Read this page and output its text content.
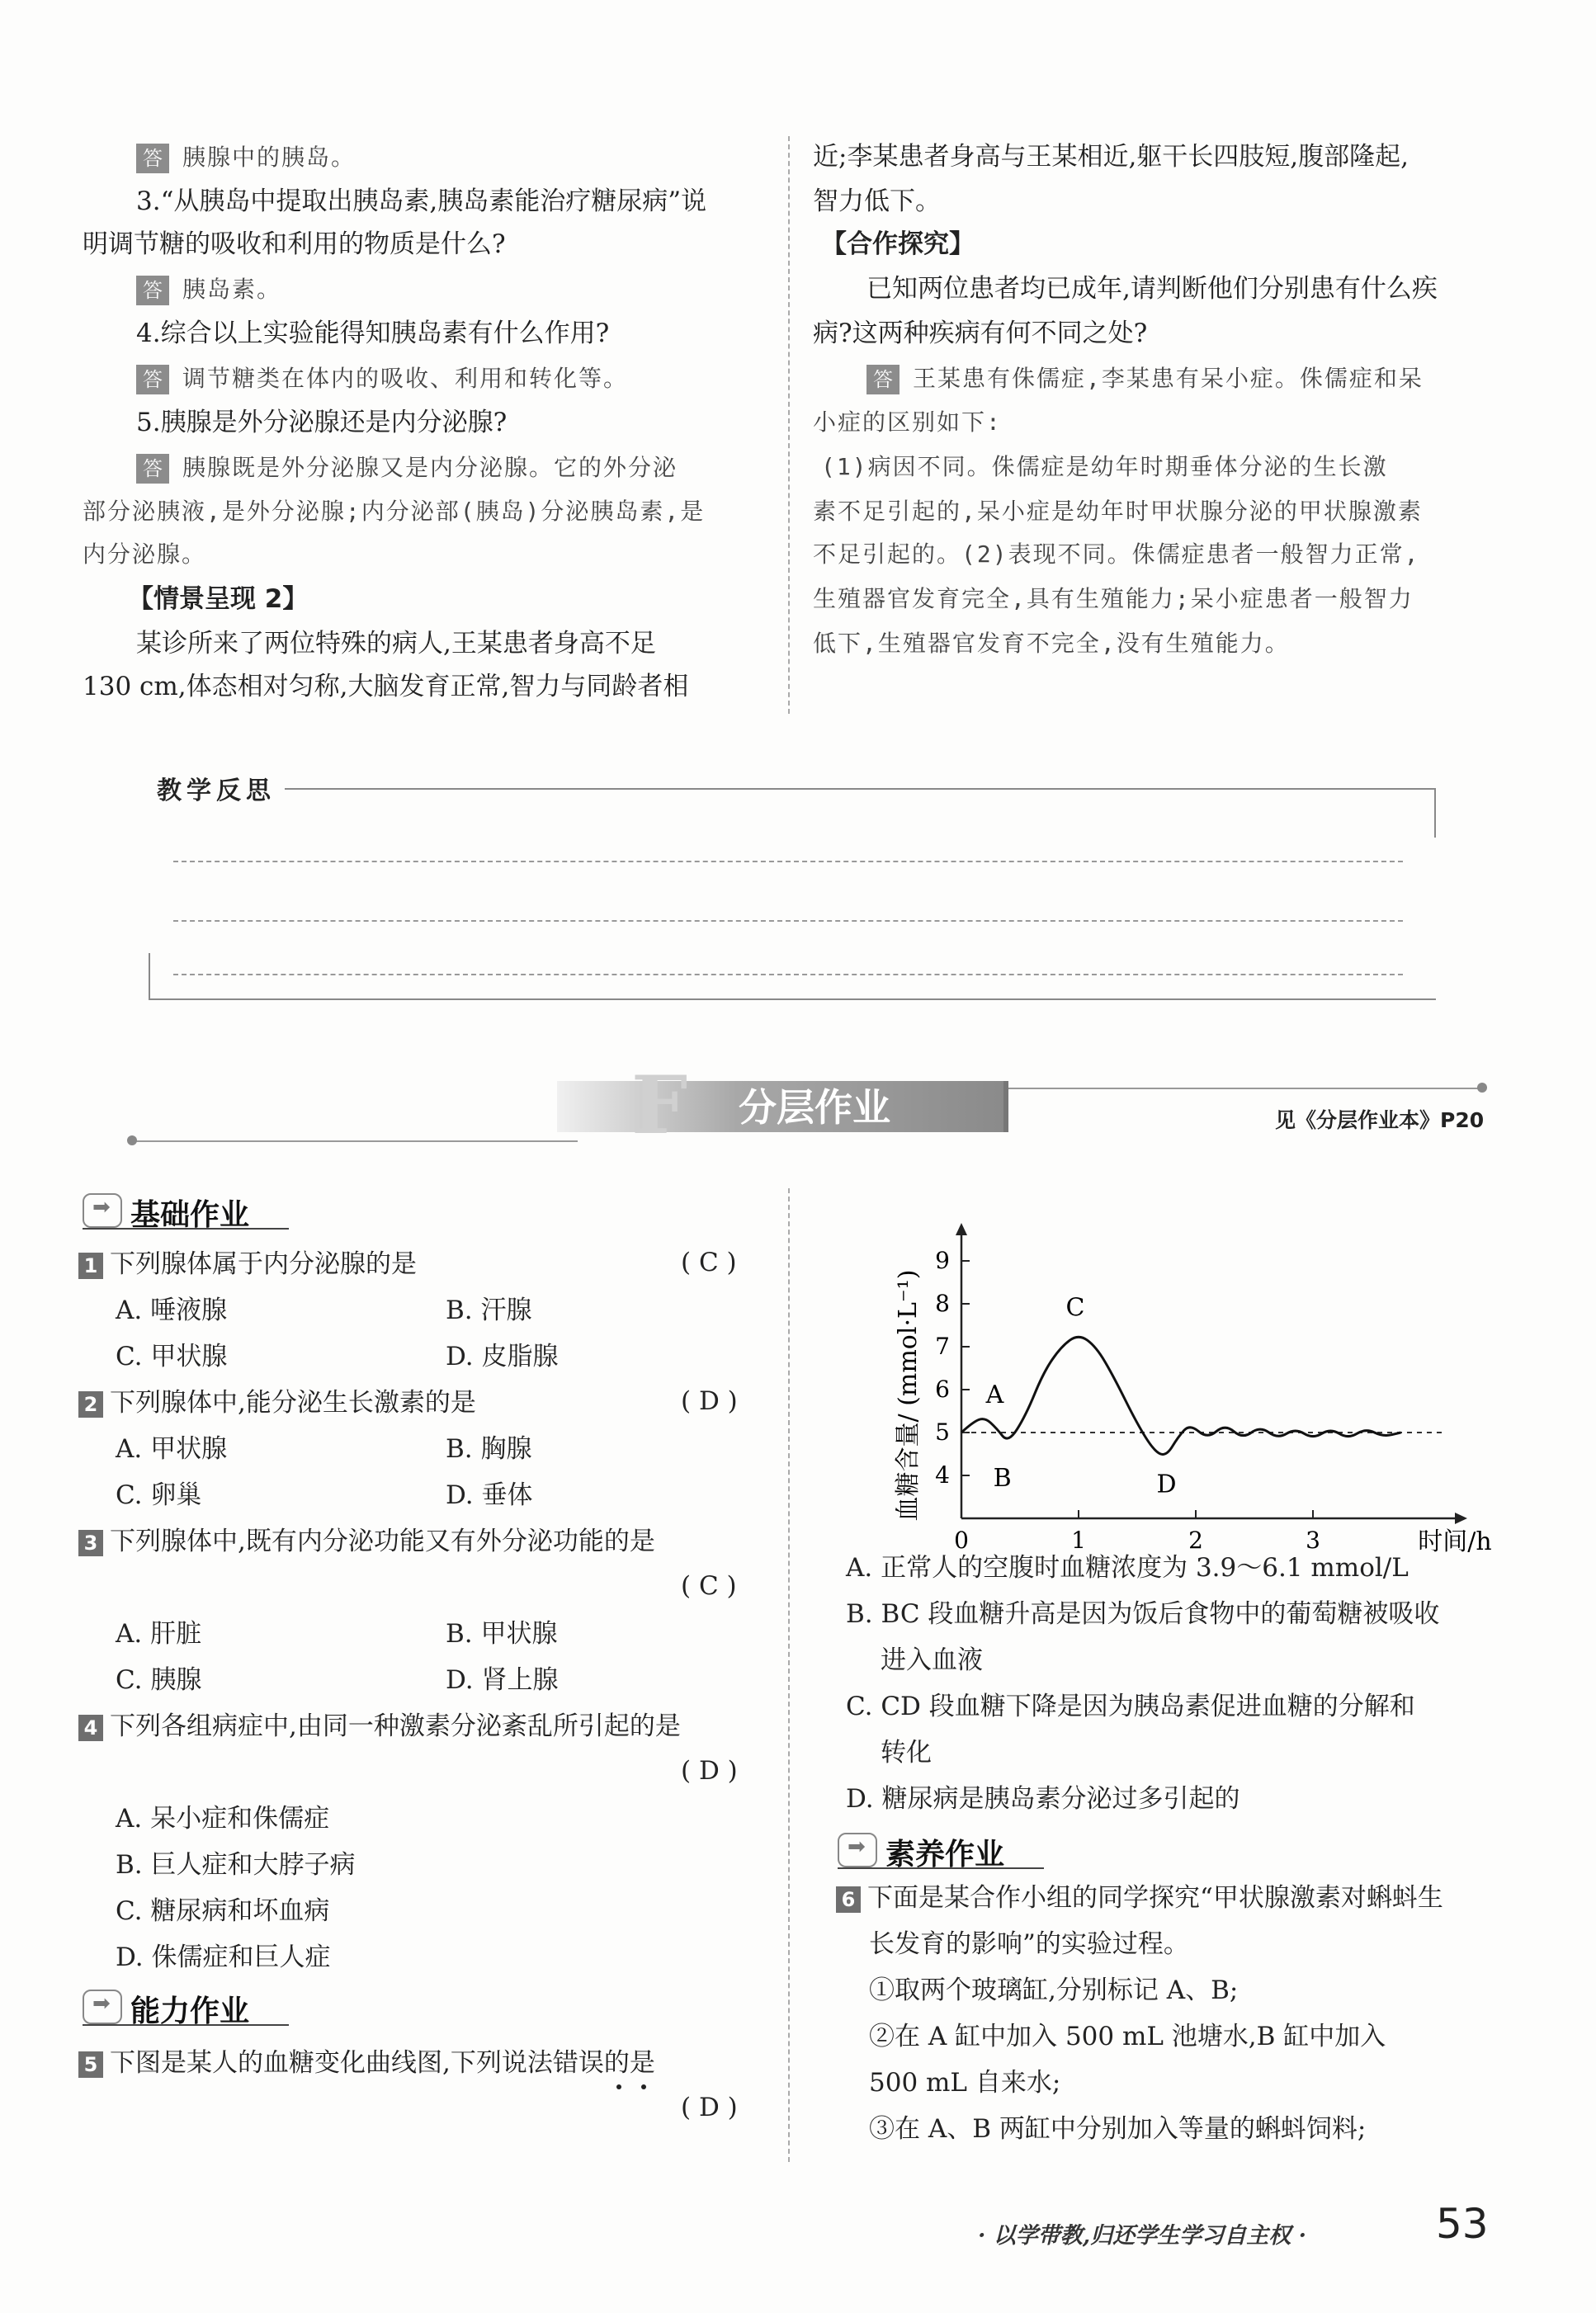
答 胰腺中的胰岛。
3.“从胰岛中提取出胰岛素,胰岛素能治疗糖尿病”说
明调节糖的吸收和利用的物质是什么?
答 胰岛素。
4.综合以上实验能得知胰岛素有什么作用?
答 调节糖类在体内的吸收、利用和转化等。
5.胰腺是外分泌腺还是内分泌腺?
答 胰腺既是外分泌腺又是内分泌腺。它的外分泌
部分泌胰液,是外分泌腺;内分泌部(胰岛)分泌胰岛素,是
内分泌腺。
【情景呈现 2】
某诊所来了两位特殊的病人,王某患者身高不足
130 cm,体态相对匀称,大脑发育正常,智力与同龄者相
近;李某患者身高与王某相近,躯干长四肢短,腹部隆起,
智力低下。
【合作探究】
已知两位患者均已成年,请判断他们分别患有什么疾
病?这两种疾病有何不同之处?
答 王某患有侏儒症,李某患有呆小症。侏儒症和呆
小症的区别如下:
(1)病因不同。侏儒症是幼年时期垂体分泌的生长激
素不足引起的,呆小症是幼年时甲状腺分泌的甲状腺激素
不足引起的。(2)表现不同。侏儒症患者一般智力正常,
生殖器官发育完全,具有生殖能力;呆小症患者一般智力
低下,生殖器官发育不完全,没有生殖能力。
教学反思
F 分层作业	见《分层作业本》P20
➡ 基础作业
1 下列腺体属于内分泌腺的是	( C )
A. 唾液腺	B. 汗腺
C. 甲状腺	D. 皮脂腺
2 下列腺体中,能分泌生长激素的是	( D )
A. 甲状腺	B. 胸腺
C. 卵巢	D. 垂体
3 下列腺体中,既有内分泌功能又有外分泌功能的是
( C )
A. 肝脏	B. 甲状腺
C. 胰腺	D. 肾上腺
4 下列各组病症中,由同一种激素分泌紊乱所引起的是
( D )
A. 呆小症和侏儒症
B. 巨人症和大脖子病
C. 糖尿病和坏血病
D. 侏儒症和巨人症
➡ 能力作业
5 下图是某人的血糖变化曲线图,下列说法错误的是
( D )
4
5
6
7
8
9
0	1	2	3	时间/h
血糖含量/ (mmol·L⁻¹)	A
B
C
D
A. 正常人的空腹时血糖浓度为 3.9～6.1 mmol/L
B. BC 段血糖升高是因为饭后食物中的葡萄糖被吸收
进入血液
C. CD 段血糖下降是因为胰岛素促进血糖的分解和
转化
D. 糖尿病是胰岛素分泌过多引起的
➡ 素养作业
6 下面是某合作小组的同学探究“甲状腺激素对蝌蚪生
长发育的影响”的实验过程。
①取两个玻璃缸,分别标记 A、B;
②在 A 缸中加入 500 mL 池塘水,B 缸中加入
500 mL 自来水;
③在 A、B 两缸中分别加入等量的蝌蚪饲料;
· 以学带教,归还学生学习自主权 ·	53
